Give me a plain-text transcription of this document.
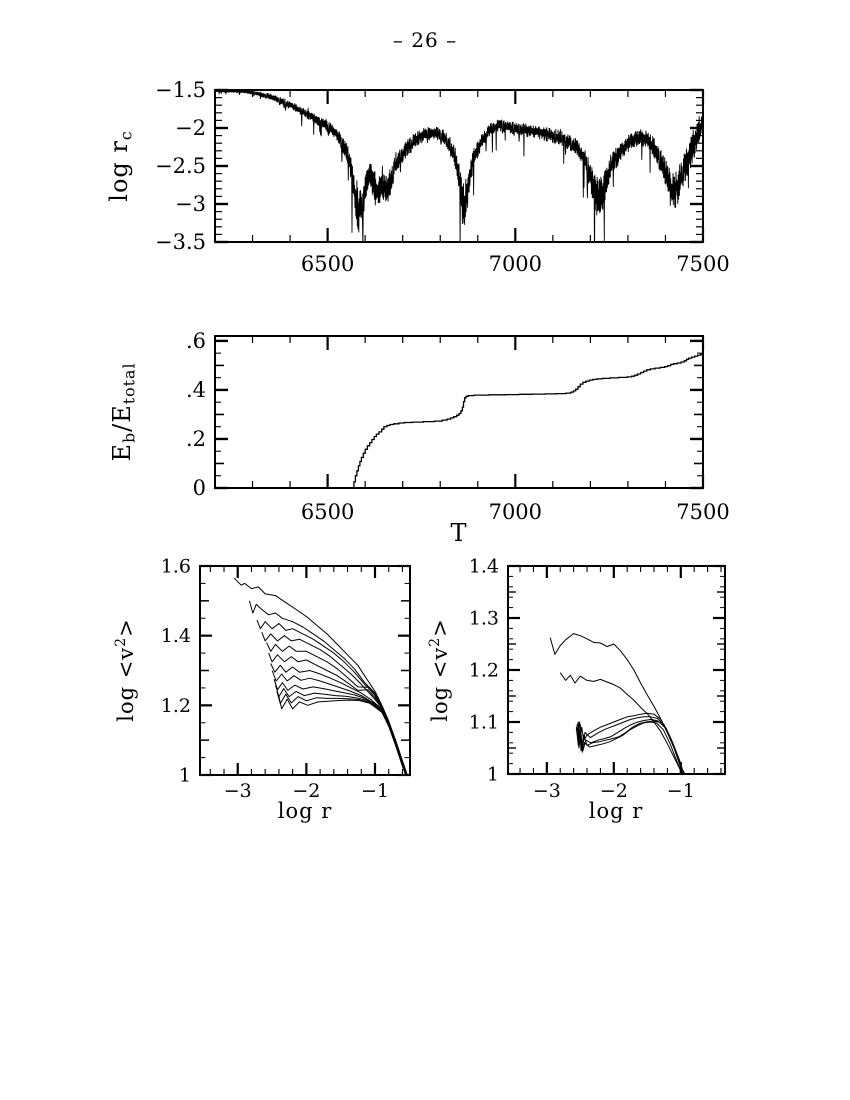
– 26 –
6500	7000	7500
−1.5
−2
−2.5
−3
−3.5
log rc
6500	7000	7500
0
.2
.4
.6
Eb/Etotal
T
−3 −2 −1
1
1.2
1.4
1.6
$\log <v^2>$
log r
−3 −2 −1
1
1.1
1.2
1.3
1.4
$\log <v^2>$
log r
